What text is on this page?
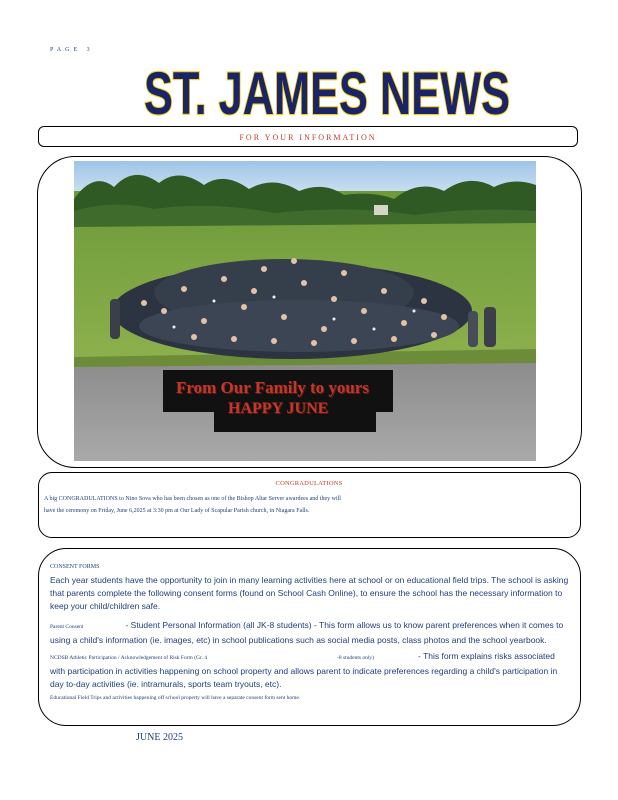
PAGE 3
ST. JAMES NEWS
FOR YOUR INFORMATION
From Our Family to yours
HAPPY JUNE
CONGRADULATIONS
A big CONGRADULATIONS to Nino Sova who has been chosen as one of the Bishop Altar Server awardees and they will
have the ceremony on Friday, June 6,2025 at 3:30 pm at Our Lady of Scapular Parish church, in Niagara Falls.
CONSENT FORMS
Each year students have the opportunity to join in many learning activities here at school or on educational field trips. The school is asking that parents complete the following consent forms (found on School Cash Online), to ensure the school has the necessary information to keep your child/children safe.
Parent Consent	- Student Personal Information (all JK-8 students) - This form allows us to know parent preferences when it comes to using a child's information (ie. images, etc) in school publications such as social media posts, class photos and the school yearbook.
NCDSB Athletic Participation / Acknowledgement of Risk Form (Gr. 4	-8 students only)	- This form explains risks associated with participation in activities happening on school property and allows parent to indicate preferences regarding a child's participation in day to-day activities (ie. intramurals, sports team tryouts, etc).
Educational Field Trips and activities happening off school property will have a separate consent form sent home.
JUNE 2025
